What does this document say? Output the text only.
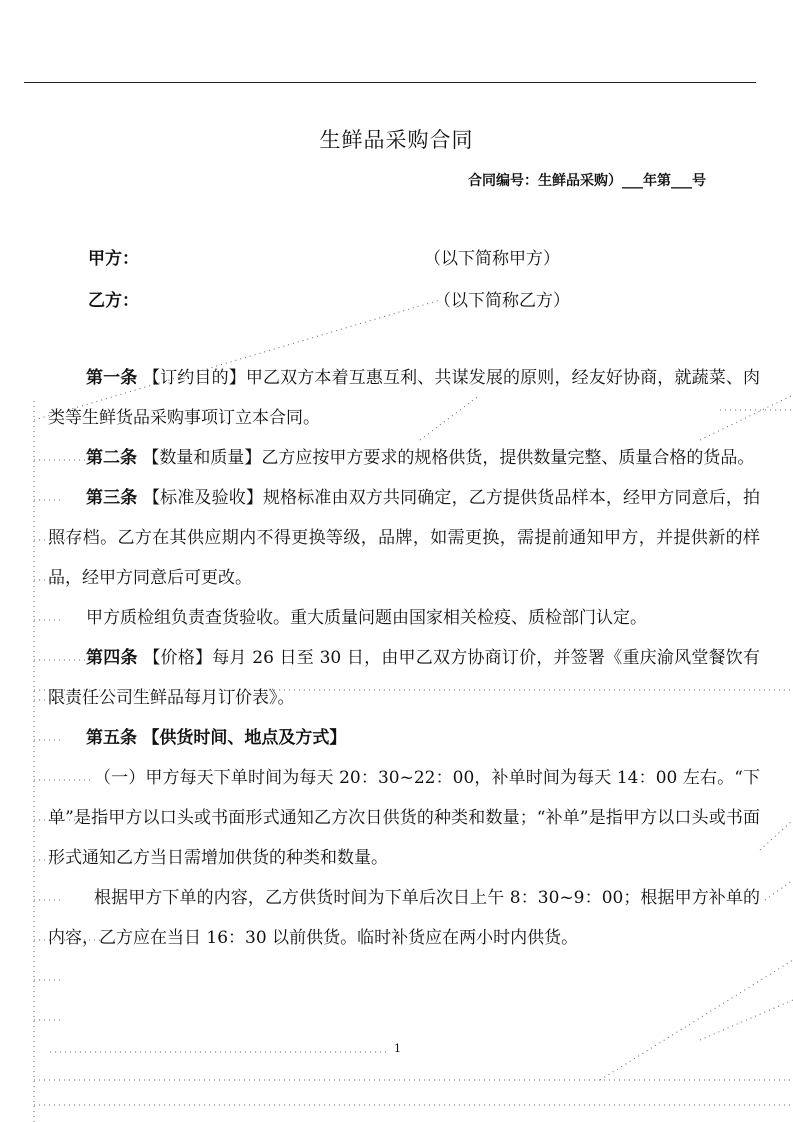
生鲜品采购合同
合同编号：生鲜品采购）___年第___号
甲方：	（以下简称甲方）
乙方：	（以下简称乙方）

第一条 【订约目的】甲乙双方本着互惠互利、共谋发展的原则，经友好协商，就蔬菜、肉类等生鲜货品采购事项订立本合同。

第二条 【数量和质量】乙方应按甲方要求的规格供货，提供数量完整、质量合格的货品。

第三条 【标准及验收】规格标准由双方共同确定，乙方提供货品样本，经甲方同意后，拍照存档。乙方在其供应期内不得更换等级，品牌，如需更换，需提前通知甲方，并提供新的样品，经甲方同意后可更改。

甲方质检组负责查货验收。重大质量问题由国家相关检疫、质检部门认定。

第四条 【价格】每月 26 日至 30 日，由甲乙双方协商订价，并签署《重庆渝风堂餐饮有限责任公司生鲜品每月订价表》。

第五条 【供货时间、地点及方式】

（一）甲方每天下单时间为每天 20：30~22：00，补单时间为每天 14：00 左右。“下单”是指甲方以口头或书面形式通知乙方次日供货的种类和数量；“补单”是指甲方以口头或书面形式通知乙方当日需增加供货的种类和数量。

根据甲方下单的内容，乙方供货时间为下单后次日上午 8：30~9：00；根据甲方补单的内容，乙方应在当日 16：30 以前供货。临时补货应在两小时内供货。

1
